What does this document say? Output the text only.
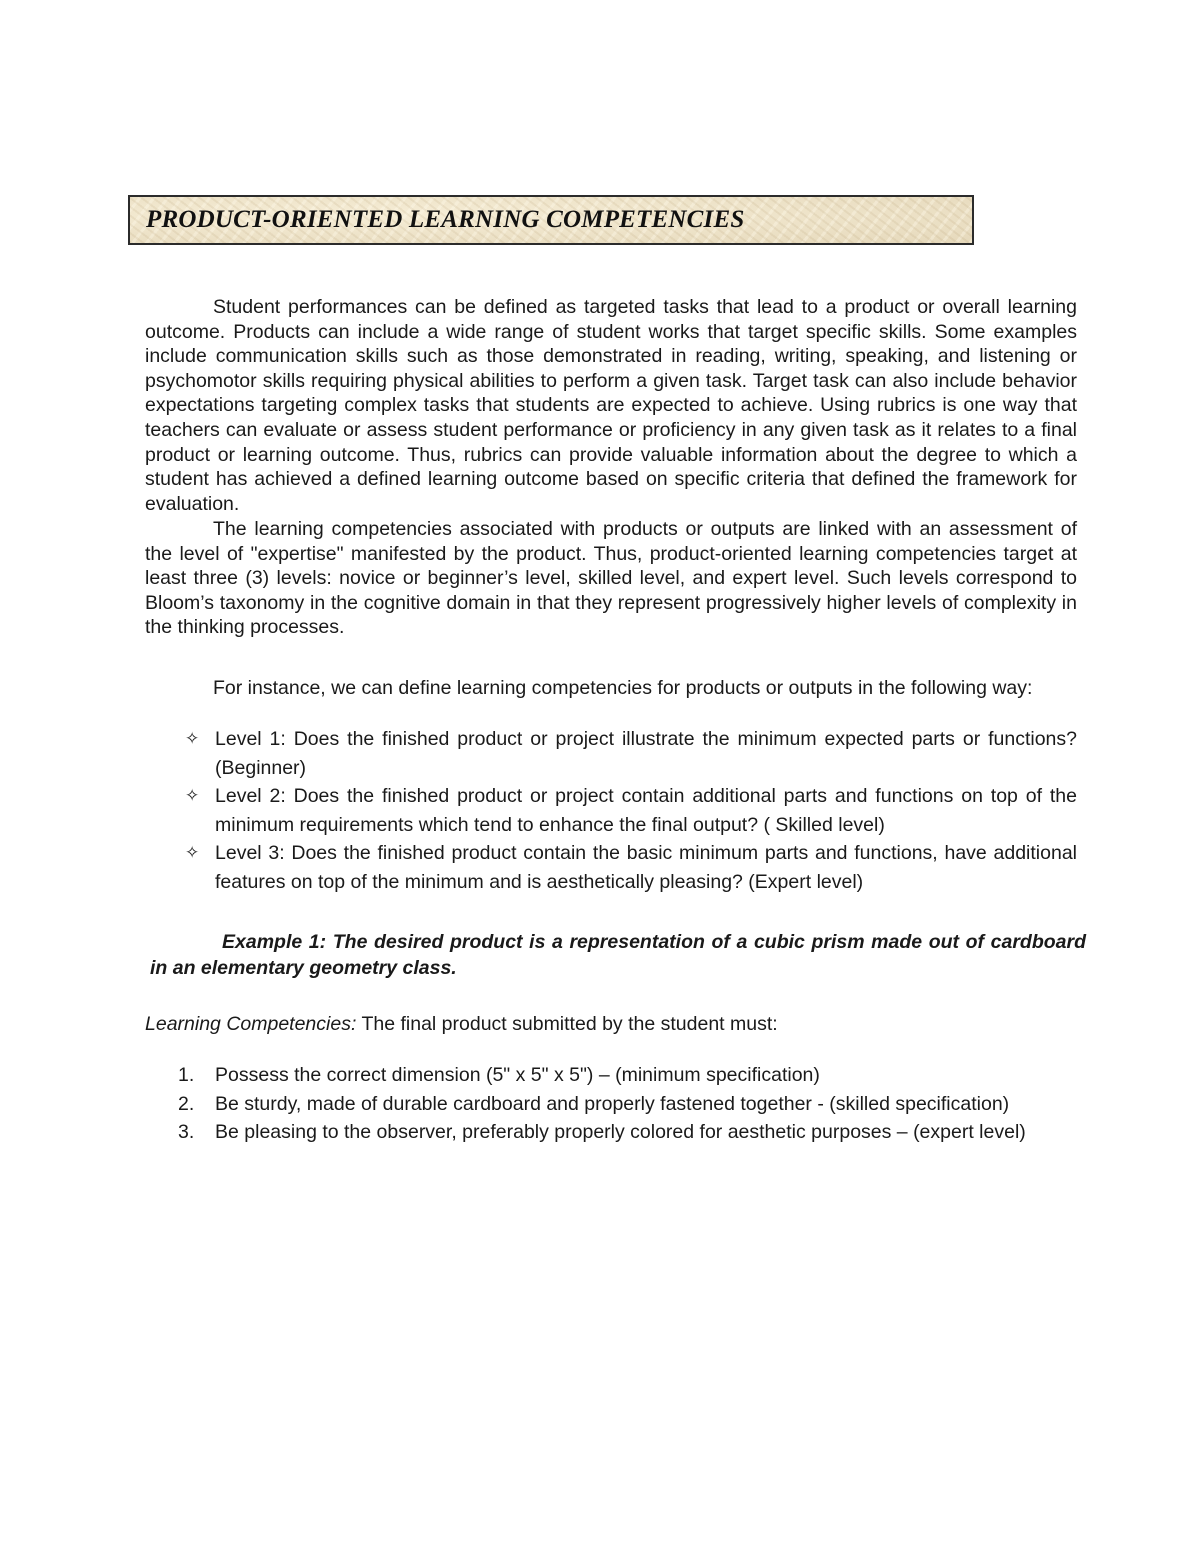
PRODUCT-ORIENTED LEARNING COMPETENCIES

Student performances can be defined as targeted tasks that lead to a product or overall learning outcome. Products can include a wide range of student works that target specific skills. Some examples include communication skills such as those demonstrated in reading, writing, speaking, and listening or psychomotor skills requiring physical abilities to perform a given task. Target task can also include behavior expectations targeting complex tasks that students are expected to achieve. Using rubrics is one way that teachers can evaluate or assess student performance or proficiency in any given task as it relates to a final product or learning outcome. Thus, rubrics can provide valuable information about the degree to which a student has achieved a defined learning outcome based on specific criteria that defined the framework for evaluation.

The learning competencies associated with products or outputs are linked with an assessment of the level of "expertise" manifested by the product. Thus, product-oriented learning competencies target at least three (3) levels: novice or beginner’s level, skilled level, and expert level. Such levels correspond to Bloom’s taxonomy in the cognitive domain in that they represent progressively higher levels of complexity in the thinking processes.

For instance, we can define learning competencies for products or outputs in the following way:

✧ Level 1: Does the finished product or project illustrate the minimum expected parts or functions? (Beginner)
✧ Level 2: Does the finished product or project contain additional parts and functions on top of the minimum requirements which tend to enhance the final output? ( Skilled level)
✧ Level 3: Does the finished product contain the basic minimum parts and functions, have additional features on top of the minimum and is aesthetically pleasing? (Expert level)

Example 1: The desired product is a representation of a cubic prism made out of cardboard in an elementary geometry class.

Learning Competencies: The final product submitted by the student must:
1. Possess the correct dimension (5" x 5" x 5") – (minimum specification)
2. Be sturdy, made of durable cardboard and properly fastened together - (skilled specification)
3. Be pleasing to the observer, preferably properly colored for aesthetic purposes – (expert level)
